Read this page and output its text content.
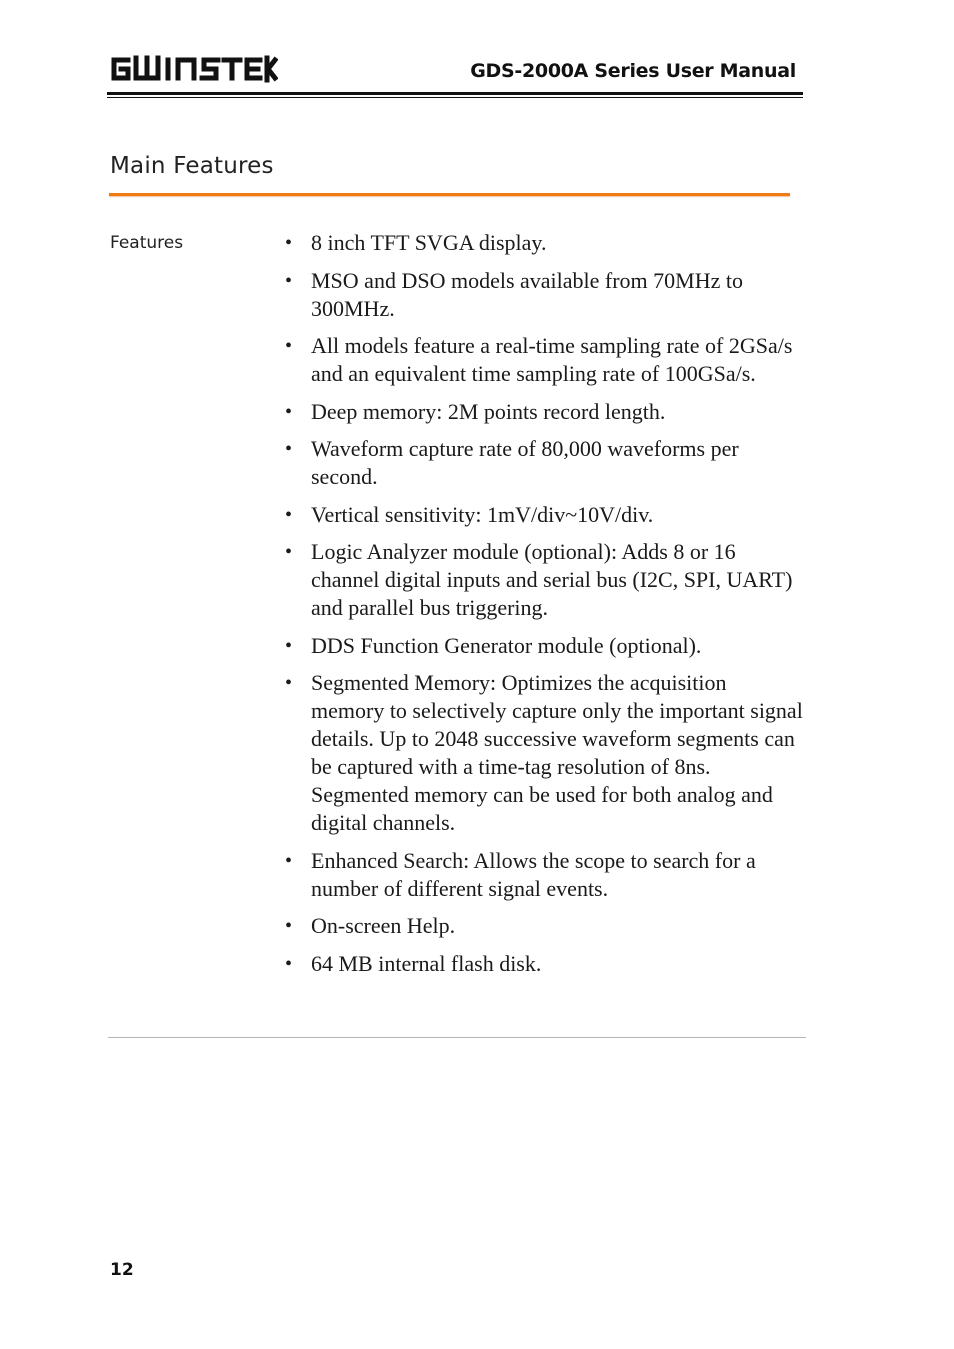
GDS-2000A Series User Manual
Main Features
Features
•	8 inch TFT SVGA display.
• MSO and DSO models available from 70MHz to 300MHz.
• All models feature a real-time sampling rate of 2GSa/s and an equivalent time sampling rate of 100GSa/s.
• Deep memory: 2M points record length.
• Waveform capture rate of 80,000 waveforms per second.
• Vertical sensitivity: 1mV/div~10V/div.
• Logic Analyzer module (optional): Adds 8 or 16 channel digital inputs and serial bus (I2C, SPI, UART) and parallel bus triggering.
• DDS Function Generator module (optional).
• Segmented Memory: Optimizes the acquisition memory to selectively capture only the important signal details. Up to 2048 successive waveform segments can be captured with a time-tag resolution of 8ns. Segmented memory can be used for both analog and digital channels.
• Enhanced Search: Allows the scope to search for a number of different signal events.
• On-screen Help.
• 64 MB internal flash disk.
12
